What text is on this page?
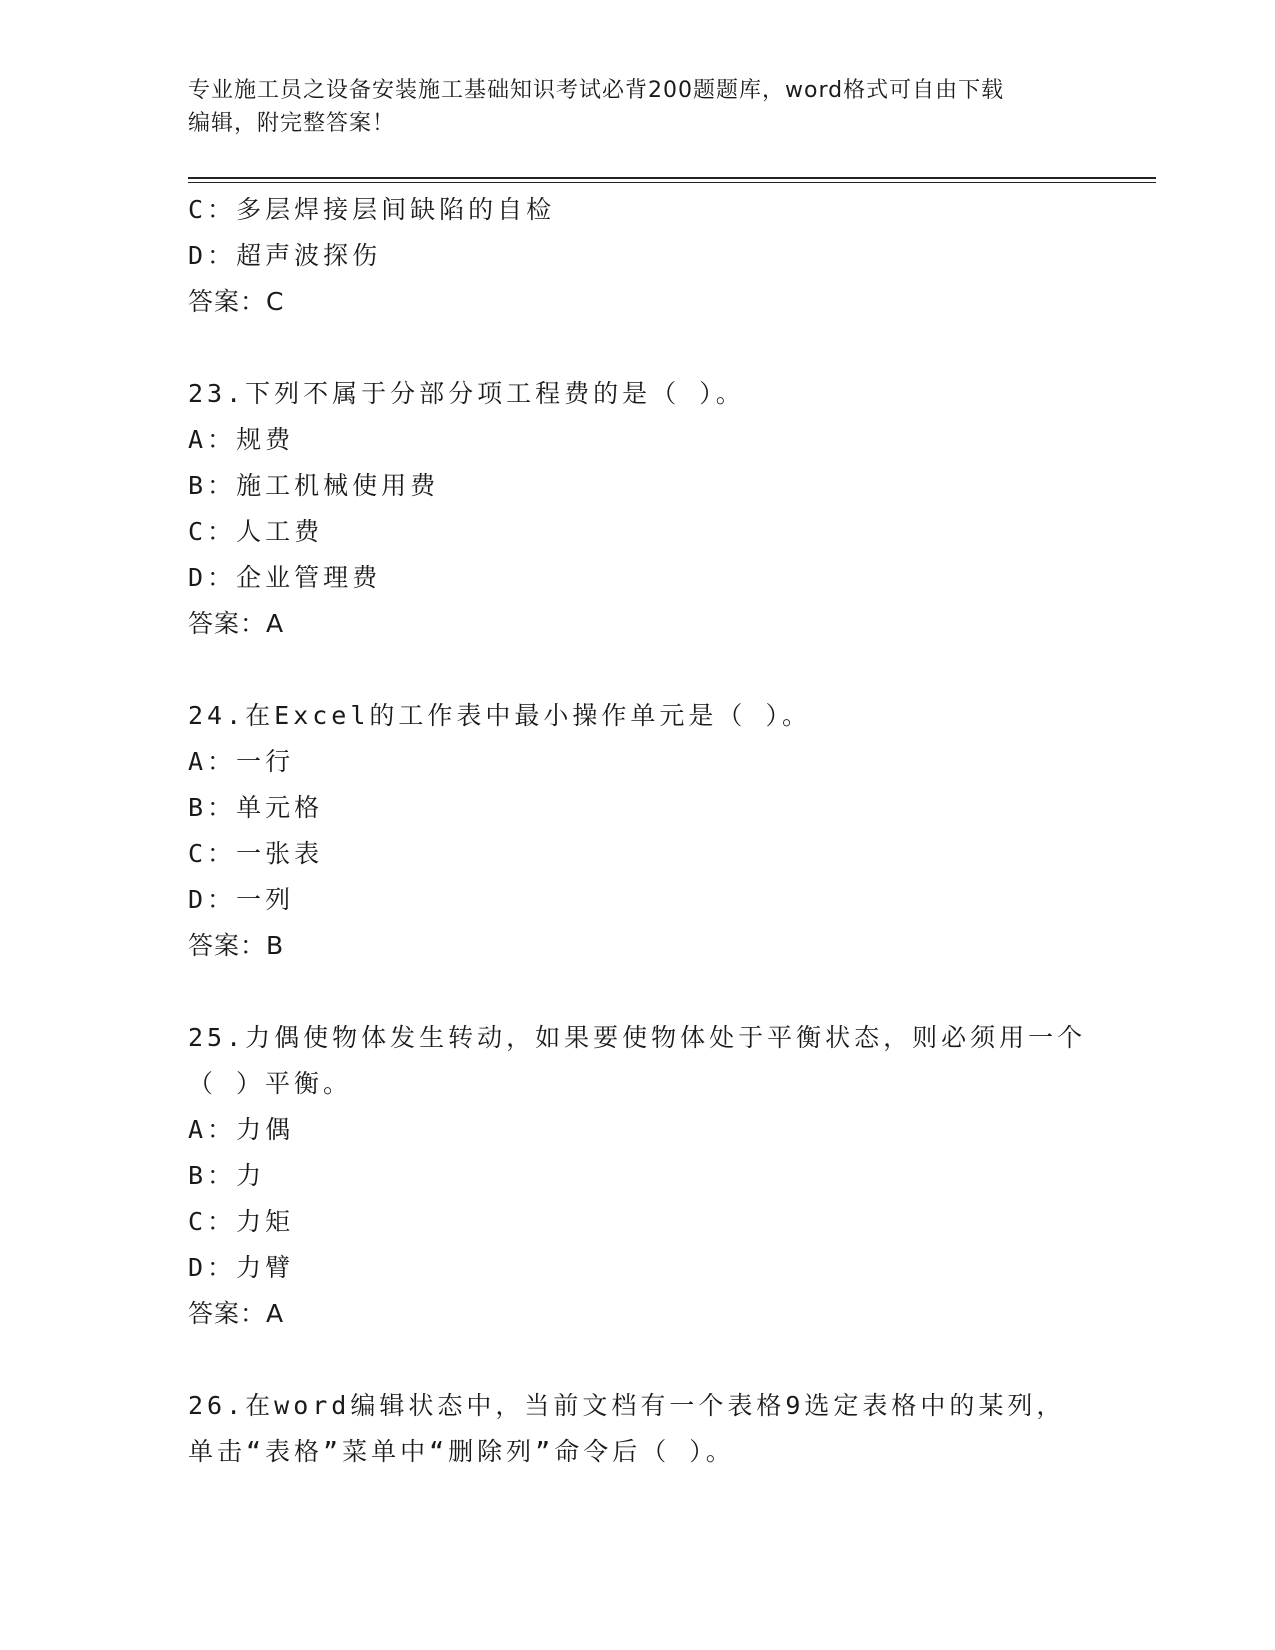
专业施工员之设备安装施工基础知识考试必背200题题库，word格式可自由下载
编辑，附完整答案！
C：多层焊接层间缺陷的自检
D：超声波探伤
答案：C
23.下列不属于分部分项工程费的是（ ）。
A：规费
B：施工机械使用费
C：人工费
D：企业管理费
答案：A
24.在Excel的工作表中最小操作单元是（ ）。
A：一行
B：单元格
C：一张表
D：一列
答案：B
25.力偶使物体发生转动，如果要使物体处于平衡状态，则必须用一个
（ ）平衡。
A：力偶
B：力
C：力矩
D：力臂
答案：A
26.在word编辑状态中，当前文档有一个表格9选定表格中的某列，
单击“表格”菜单中“删除列”命令后（ ）。
